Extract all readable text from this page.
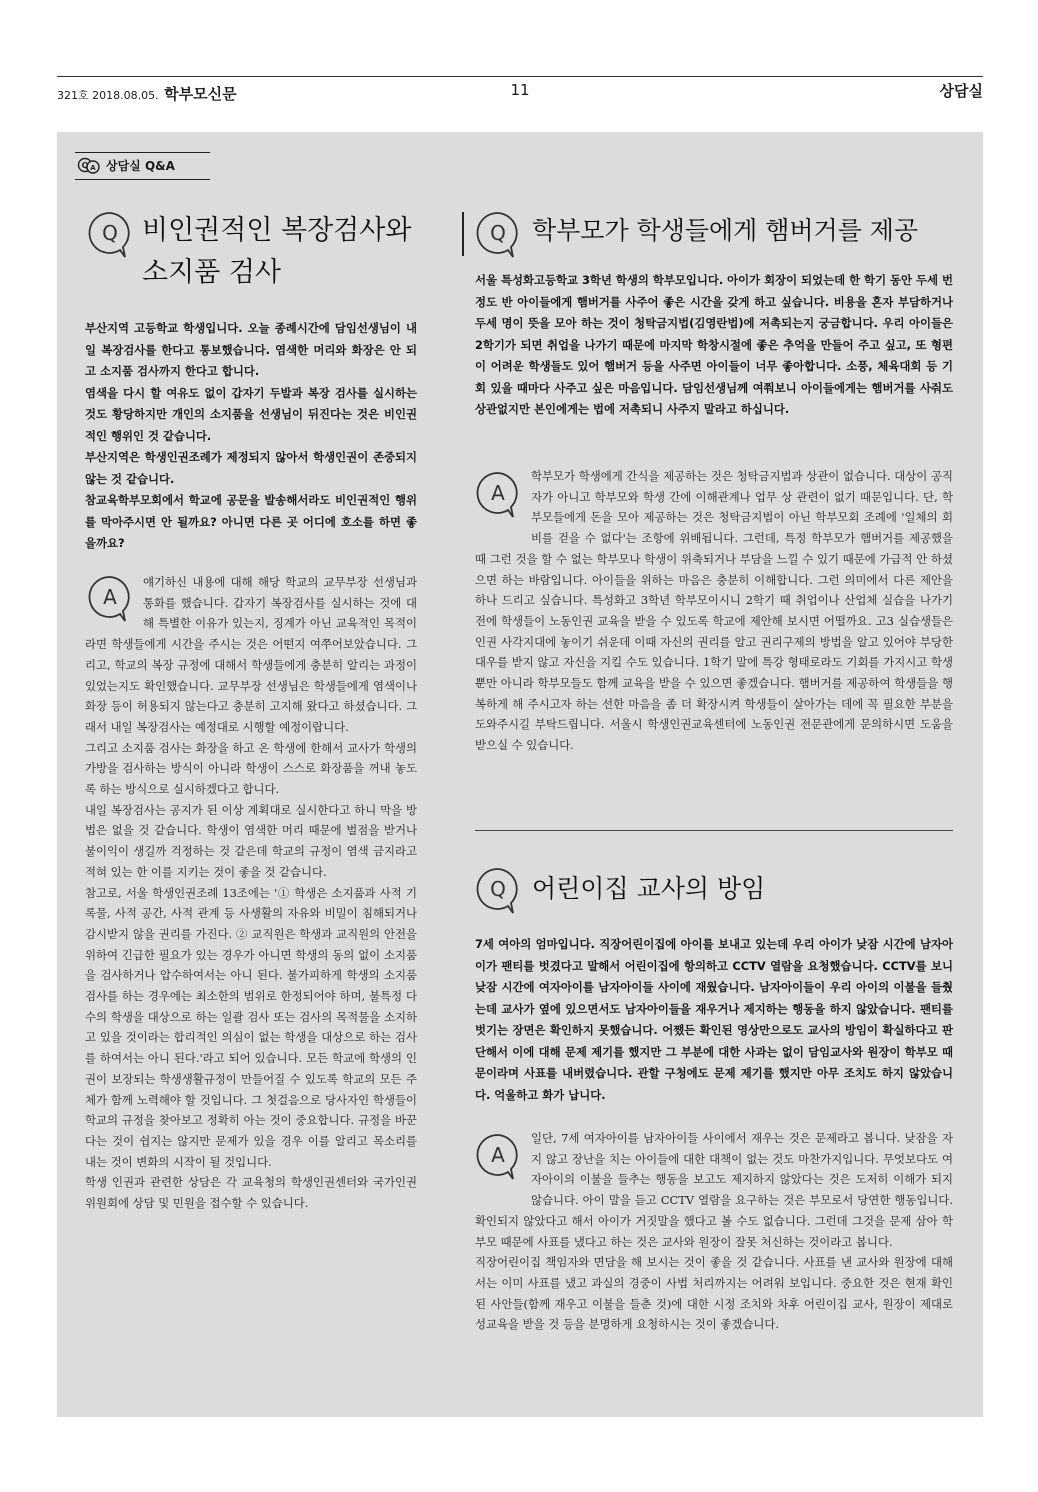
321호 2018.08.05. 학부모신문	11	상담실
Q A 상담실 Q&A
Q 비인권적인 복장검사와
소지품 검사

부산지역 고등학교 학생입니다. 오늘 종례시간에 담임선생님이 내일 복장검사를 한다고 통보했습니다. 염색한 머리와 화장은 안 되고 소지품 검사까지 한다고 합니다.

염색을 다시 할 여유도 없이 갑자기 두발과 복장 검사를 실시하는 것도 황당하지만 개인의 소지품을 선생님이 뒤진다는 것은 비인권적인 행위인 것 같습니다.

부산지역은 학생인권조례가 제정되지 않아서 학생인권이 존중되지 않는 것 같습니다.

참교육학부모회에서 학교에 공문을 발송해서라도 비인권적인 행위를 막아주시면 안 될까요? 아니면 다른 곳 어디에 호소를 하면 좋을까요?

A

얘기하신 내용에 대해 해당 학교의 교무부장 선생님과 통화를 했습니다. 갑자기 복장검사를 실시하는 것에 대해 특별한 이유가 있는지, 징계가 아닌 교육적인 목적이라면 학생들에게 시간을 주시는 것은 어떤지 여쭈어보았습니다. 그리고, 학교의 복장 규정에 대해서 학생들에게 충분히 알리는 과정이 있었는지도 확인했습니다. 교무부장 선생님은 학생들에게 염색이나 화장 등이 허용되지 않는다고 충분히 고지해 왔다고 하셨습니다. 그래서 내일 복장검사는 예정대로 시행할 예정이랍니다.

그리고 소지품 검사는 화장을 하고 온 학생에 한해서 교사가 학생의 가방을 검사하는 방식이 아니라 학생이 스스로 화장품을 꺼내 놓도록 하는 방식으로 실시하겠다고 합니다.

내일 복장검사는 공지가 된 이상 계획대로 실시한다고 하니 막을 방법은 없을 것 같습니다. 학생이 염색한 머리 때문에 벌점을 받거나 불이익이 생길까 걱정하는 것 같은데 학교의 규정이 염색 금지라고 적혀 있는 한 이를 지키는 것이 좋을 것 같습니다.

참고로, 서울 학생인권조례 13조에는 '① 학생은 소지품과 사적 기록물, 사적 공간, 사적 관계 등 사생활의 자유와 비밀이 침해되거나 감시받지 않을 권리를 가진다. ② 교직원은 학생과 교직원의 안전을 위하여 긴급한 필요가 있는 경우가 아니면 학생의 동의 없이 소지품을 검사하거나 압수하여서는 아니 된다. 불가피하게 학생의 소지품 검사를 하는 경우에는 최소한의 범위로 한정되어야 하며, 불특정 다수의 학생을 대상으로 하는 일괄 검사 또는 검사의 목적물을 소지하고 있을 것이라는 합리적인 의심이 없는 학생을 대상으로 하는 검사를 하여서는 아니 된다.'라고 되어 있습니다. 모든 학교에 학생의 인권이 보장되는 학생생활규정이 만들어질 수 있도록 학교의 모든 주체가 함께 노력해야 할 것입니다. 그 첫걸음으로 당사자인 학생들이 학교의 규정을 찾아보고 정확히 아는 것이 중요합니다. 규정을 바꾼다는 것이 쉽지는 않지만 문제가 있을 경우 이를 알리고 목소리를 내는 것이 변화의 시작이 될 것입니다.

학생 인권과 관련한 상담은 각 교육청의 학생인권센터와 국가인권위원회에 상담 및 민원을 접수할 수 있습니다.

Q 학부모가 학생들에게 햄버거를 제공

서울 특성화고등학교 3학년 학생의 학부모입니다. 아이가 회장이 되었는데 한 학기 동안 두세 번 정도 반 아이들에게 햄버거를 사주어 좋은 시간을 갖게 하고 싶습니다. 비용을 혼자 부담하거나 두세 명이 뜻을 모아 하는 것이 청탁금지법(김영란법)에 저촉되는지 궁금합니다. 우리 아이들은 2학기가 되면 취업을 나가기 때문에 마지막 학창시절에 좋은 추억을 만들어 주고 싶고, 또 형편이 어려운 학생들도 있어 햄버거 등을 사주면 아이들이 너무 좋아합니다. 소풍, 체육대회 등 기회 있을 때마다 사주고 싶은 마음입니다. 담임선생님께 여쭤보니 아이들에게는 햄버거를 사줘도 상관없지만 본인에게는 법에 저촉되니 사주지 말라고 하십니다.

A

학부모가 학생에게 간식을 제공하는 것은 청탁금지법과 상관이 없습니다. 대상이 공직자가 아니고 학부모와 학생 간에 이해관계나 업무 상 관련이 없기 때문입니다. 단, 학부모들에게 돈을 모아 제공하는 것은 청탁금지법이 아닌 학부모회 조례에 '일체의 회비를 걷을 수 없다'는 조항에 위배됩니다. 그런데, 특정 학부모가 햄버거를 제공했을 때 그런 것을 할 수 없는 학부모나 학생이 위축되거나 부담을 느낄 수 있기 때문에 가급적 안 하셨으면 하는 바람입니다. 아이들을 위하는 마음은 충분히 이해합니다. 그런 의미에서 다른 제안을 하나 드리고 싶습니다. 특성화고 3학년 학부모이시니 2학기 때 취업이나 산업체 실습을 나가기 전에 학생들이 노동인권 교육을 받을 수 있도록 학교에 제안해 보시면 어떨까요. 고3 실습생들은 인권 사각지대에 놓이기 쉬운데 이때 자신의 권리를 알고 권리구제의 방법을 알고 있어야 부당한 대우를 받지 않고 자신을 지킬 수도 있습니다. 1학기 말에 특강 형태로라도 기회를 가지시고 학생뿐만 아니라 학부모들도 함께 교육을 받을 수 있으면 좋겠습니다. 햄버거를 제공하여 학생들을 행복하게 해 주시고자 하는 선한 마음을 좀 더 확장시켜 학생들이 살아가는 데에 꼭 필요한 부분을 도와주시길 부탁드립니다. 서울시 학생인권교육센터에 노동인권 전문관에게 문의하시면 도움을 받으실 수 있습니다.

Q 어린이집 교사의 방임

7세 여아의 엄마입니다. 직장어린이집에 아이를 보내고 있는데 우리 아이가 낮잠 시간에 남자아이가 팬티를 벗겼다고 말해서 어린이집에 항의하고 CCTV 열람을 요청했습니다. CCTV를 보니 낮잠 시간에 여자아이를 남자아이들 사이에 재웠습니다. 남자아이들이 우리 아이의 이불을 들췄는데 교사가 옆에 있으면서도 남자아이들을 재우거나 제지하는 행동을 하지 않았습니다. 팬티를 벗기는 장면은 확인하지 못했습니다. 어쨌든 확인된 영상만으로도 교사의 방임이 확실하다고 판단해서 이에 대해 문제 제기를 했지만 그 부분에 대한 사과는 없이 담임교사와 원장이 학부모 때문이라며 사표를 내버렸습니다. 관할 구청에도 문제 제기를 했지만 아무 조치도 하지 않았습니다. 억울하고 화가 납니다.

A

일단, 7세 여자아이를 남자아이들 사이에서 재우는 것은 문제라고 봅니다. 낮잠을 자지 않고 장난을 치는 아이들에 대한 대책이 없는 것도 마찬가지입니다. 무엇보다도 여자아이의 이불을 들추는 행동을 보고도 제지하지 않았다는 것은 도저히 이해가 되지 않습니다. 아이 말을 듣고 CCTV 열람을 요구하는 것은 부모로서 당연한 행동입니다. 확인되지 않았다고 해서 아이가 거짓말을 했다고 볼 수도 없습니다. 그런데 그것을 문제 삼아 학부모 때문에 사표를 냈다고 하는 것은 교사와 원장이 잘못 처신하는 것이라고 봅니다.

직장어린이집 책임자와 면담을 해 보시는 것이 좋을 것 같습니다. 사표를 낸 교사와 원장에 대해서는 이미 사표를 냈고 과실의 경중이 사법 처리까지는 어려워 보입니다. 중요한 것은 현재 확인된 사안들(함께 재우고 이불을 들춘 것)에 대한 시정 조치와 차후 어린이집 교사, 원장이 제대로 성교육을 받을 것 등을 분명하게 요청하시는 것이 좋겠습니다.
